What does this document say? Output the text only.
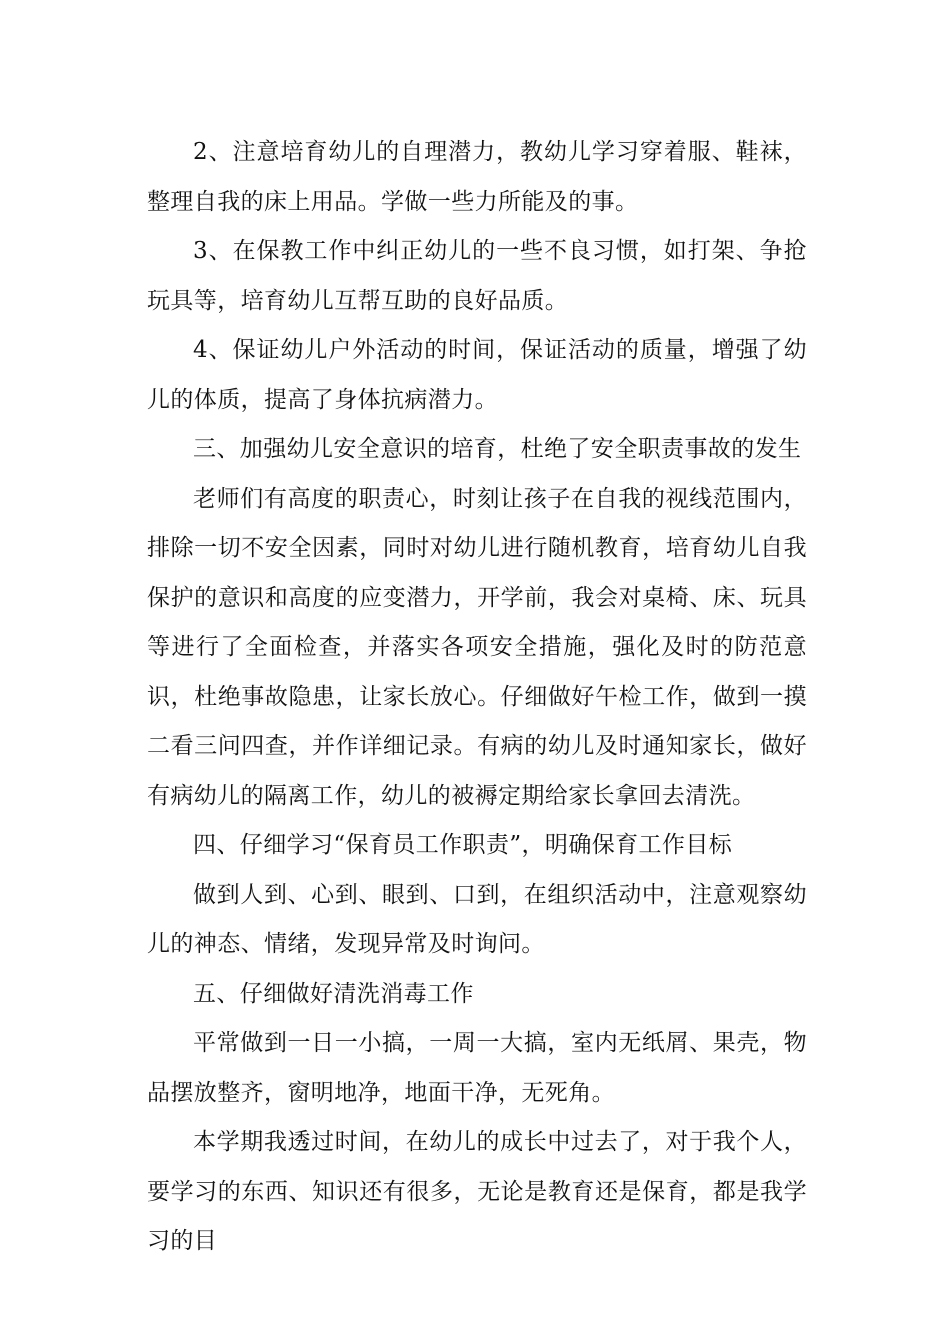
2、注意培育幼儿的自理潜力，教幼儿学习穿着服、鞋袜，整理自我的床上用品。学做一些力所能及的事。

3、在保教工作中纠正幼儿的一些不良习惯，如打架、争抢玩具等，培育幼儿互帮互助的良好品质。

4、保证幼儿户外活动的时间，保证活动的质量，增强了幼儿的体质，提高了身体抗病潜力。

三、加强幼儿安全意识的培育，杜绝了安全职责事故的发生

老师们有高度的职责心，时刻让孩子在自我的视线范围内，排除一切不安全因素，同时对幼儿进行随机教育，培育幼儿自我保护的意识和高度的应变潜力，开学前，我会对桌椅、床、玩具等进行了全面检查，并落实各项安全措施，强化及时的防范意识，杜绝事故隐患，让家长放心。仔细做好午检工作，做到一摸二看三问四查，并作详细记录。有病的幼儿及时通知家长，做好有病幼儿的隔离工作，幼儿的被褥定期给家长拿回去清洗。

四、仔细学习“保育员工作职责”，明确保育工作目标

做到人到、心到、眼到、口到，在组织活动中，注意观察幼儿的神态、情绪，发现异常及时询问。

五、仔细做好清洗消毒工作

平常做到一日一小搞，一周一大搞，室内无纸屑、果壳，物品摆放整齐，窗明地净，地面干净，无死角。

本学期我透过时间，在幼儿的成长中过去了，对于我个人，要学习的东西、知识还有很多，无论是教育还是保育，都是我学习的目
